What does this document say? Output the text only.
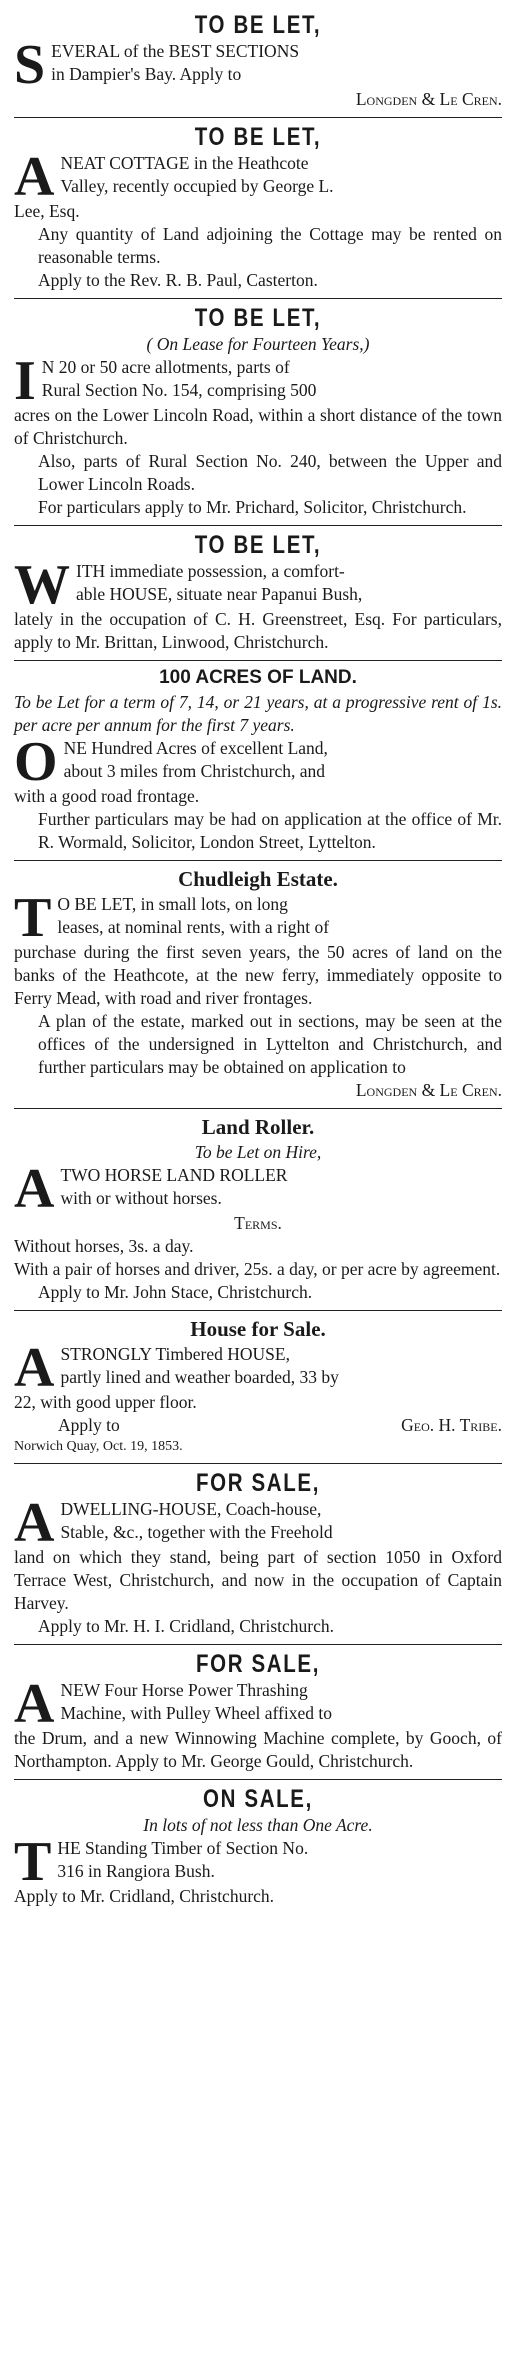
TO BE LET,
S EVERAL of the BEST SECTIONS

in Dampier's Bay. Apply to

Longden & Le Cren.

TO BE LET,
A NEAT COTTAGE in the Heathcote

Valley, recently occupied by George L.

Lee, Esq.

Any quantity of Land adjoining the Cottage may be rented on reasonable terms.

Apply to the Rev. R. B. Paul, Casterton.

TO BE LET,

( On Lease for Fourteen Years,)

I N 20 or 50 acre allotments, parts of

Rural Section No. 154, comprising 500

acres on the Lower Lincoln Road, within a short distance of the town of Christchurch.

Also, parts of Rural Section No. 240, between the Upper and Lower Lincoln Roads.

For particulars apply to Mr. Prichard, Solicitor, Christchurch.

TO BE LET,
W ITH immediate possession, a comfort-

able HOUSE, situate near Papanui Bush,

lately in the occupation of C. H. Greenstreet, Esq. For particulars, apply to Mr. Brittan, Linwood, Christchurch.

100 ACRES OF LAND.

To be Let for a term of 7, 14, or 21 years, at a progressive rent of 1s. per acre per annum for the first 7 years.

O NE Hundred Acres of excellent Land,

about 3 miles from Christchurch, and

with a good road frontage.

Further particulars may be had on application at the office of Mr. R. Wormald, Solicitor, London Street, Lyttelton.

Chudleigh Estate.
T O BE LET, in small lots, on long

leases, at nominal rents, with a right of

purchase during the first seven years, the 50 acres of land on the banks of the Heathcote, at the new ferry, immediately opposite to Ferry Mead, with road and river frontages.

A plan of the estate, marked out in sections, may be seen at the offices of the undersigned in Lyttelton and Christchurch, and further particulars may be obtained on application to

Longden & Le Cren.

Land Roller.

To be Let on Hire,

A TWO HORSE LAND ROLLER

with or without horses.

Terms.

Without horses, 3s. a day.

With a pair of horses and driver, 25s. a day, or per acre by agreement.

Apply to Mr. John Stace, Christchurch.

House for Sale.
A STRONGLY Timbered HOUSE,

partly lined and weather boarded, 33 by

22, with good upper floor.

Apply to	Geo. H. Tribe.

Norwich Quay, Oct. 19, 1853.

FOR SALE,
A DWELLING-HOUSE, Coach-house,

Stable, &c., together with the Freehold

land on which they stand, being part of section 1050 in Oxford Terrace West, Christchurch, and now in the occupation of Captain Harvey.

Apply to Mr. H. I. Cridland, Christchurch.

FOR SALE,
A NEW Four Horse Power Thrashing

Machine, with Pulley Wheel affixed to

the Drum, and a new Winnowing Machine complete, by Gooch, of Northampton. Apply to Mr. George Gould, Christchurch.

ON SALE,

In lots of not less than One Acre.

T HE Standing Timber of Section No.

316 in Rangiora Bush.

Apply to Mr. Cridland, Christchurch.
